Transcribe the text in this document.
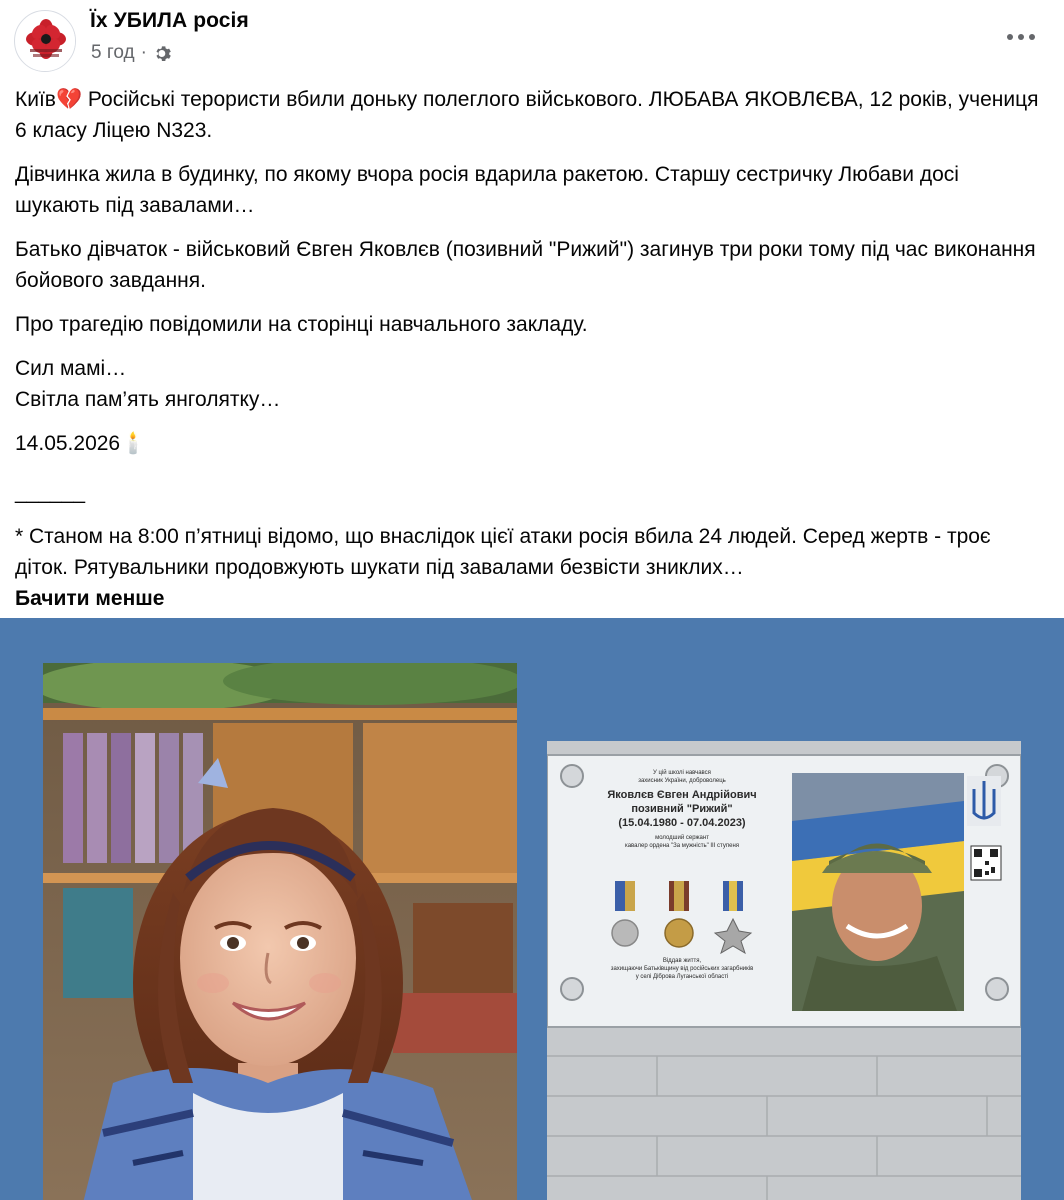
Їх УБИЛА росія
5 год ·

Київ💔 Російські терористи вбили доньку полеглого військового. ЛЮБАВА ЯКОВЛЄВА, 12 років, учениця 6 класу Ліцею N323.

Дівчинка жила в будинку, по якому вчора росія вдарила ракетою. Старшу сестричку Любави досі шукають під завалами…

Батько дівчаток - військовий Євген Яковлєв (позивний "Рижий") загинув три роки тому під час виконання бойового завдання.

Про трагедію повідомили на сторінці навчального закладу.

Сил мамі…
Світла пам’ять янголятку…

14.05.2026🕯️

______

* Станом на 8:00 п’ятниці відомо, що внаслідок цієї атаки росія вбила 24 людей. Серед жертв - троє діток. Рятувальники продовжують шукати під завалами безвісти зниклих…
Бачити менше

У цій школі навчався
захисник України, доброволець
Яковлєв Євген Андрійович
позивний "Рижий"
(15.04.1980 - 07.04.2023)
молодший сержант
кавалер ордена "За мужність" III ступеня
Віддав життя,
захищаючи Батьківщину від російських загарбників
у селі Діброва Луганської області
